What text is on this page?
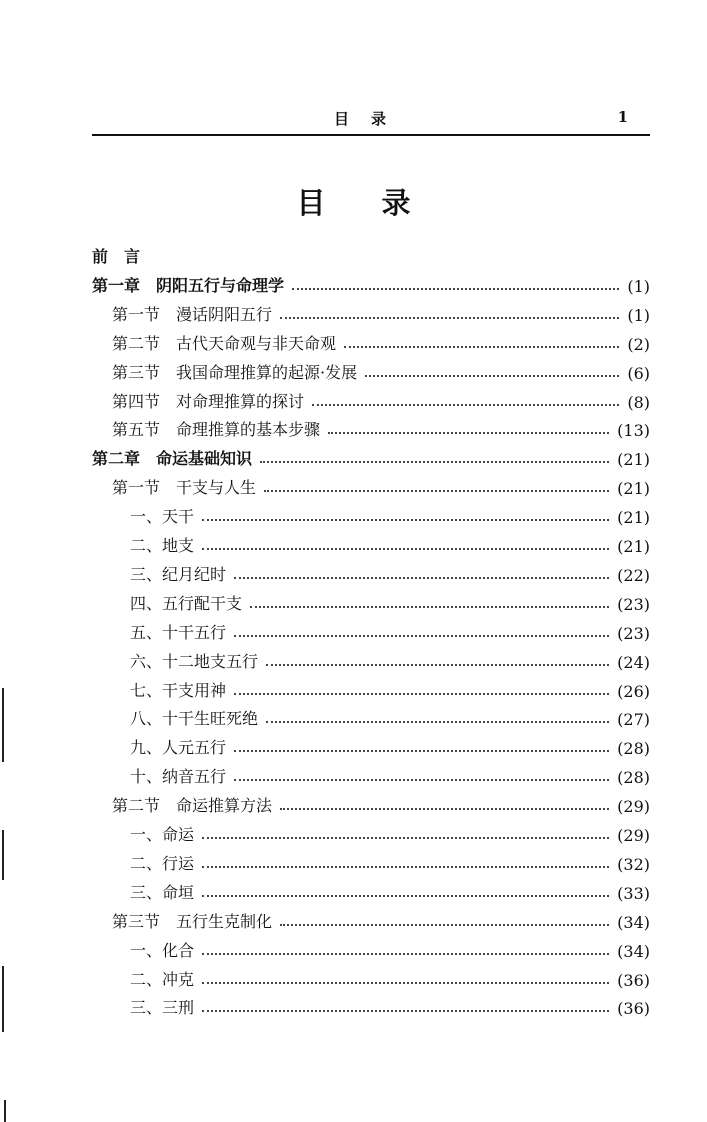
目录	1
目录
前　言
第一章　阴阳五行与命理学	(1)
第一节　漫话阴阳五行	(1)
第二节　古代天命观与非天命观	(2)
第三节　我国命理推算的起源·发展	(6)
第四节　对命理推算的探讨	(8)
第五节　命理推算的基本步骤	(13)
第二章　命运基础知识	(21)
第一节　干支与人生	(21)
一、天干	(21)
二、地支	(21)
三、纪月纪时	(22)
四、五行配干支	(23)
五、十干五行	(23)
六、十二地支五行	(24)
七、干支用神	(26)
八、十干生旺死绝	(27)
九、人元五行	(28)
十、纳音五行	(28)
第二节　命运推算方法	(29)
一、命运	(29)
二、行运	(32)
三、命垣	(33)
第三节　五行生克制化	(34)
一、化合	(34)
二、冲克	(36)
三、三刑	(36)
